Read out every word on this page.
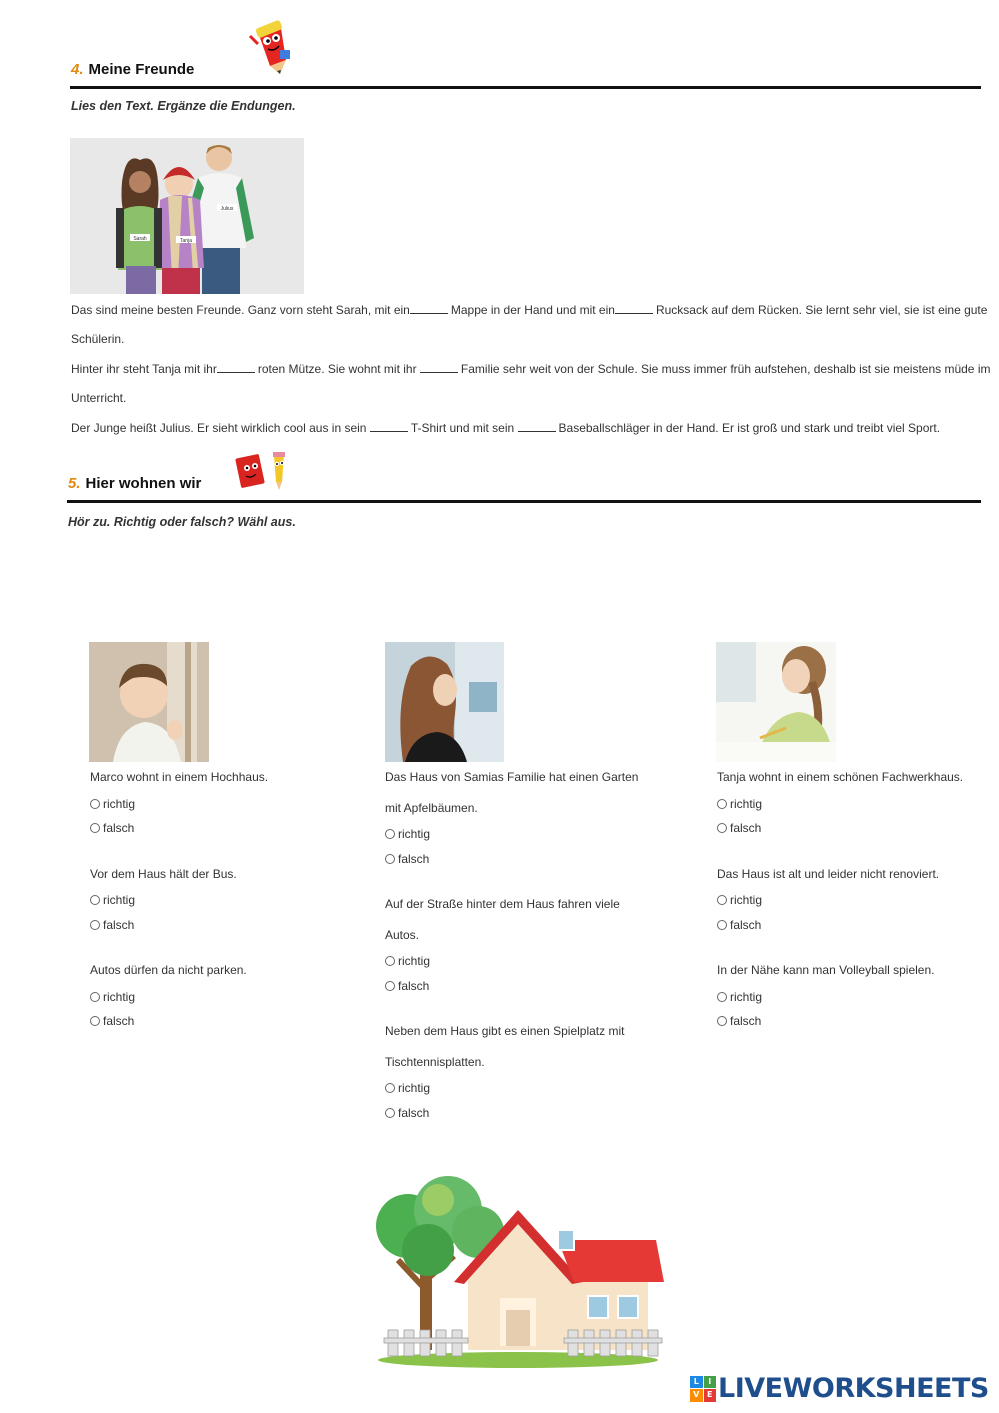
4. Meine Freunde
Lies den Text. Ergänze die Endungen.
Sarah	Tanja
Julius
Das sind meine besten Freunde. Ganz vorn steht Sarah, mit ein	Mappe in der Hand und mit ein	Rucksack auf dem Rücken. Sie lernt sehr viel, sie ist eine gute
Schülerin.
Hinter ihr steht Tanja mit ihr	roten Mütze. Sie wohnt mit ihr	Familie sehr weit von der Schule. Sie muss immer früh aufstehen, deshalb ist sie meistens müde im
Unterricht.
Der Junge heißt Julius. Er sieht wirklich cool aus in sein	T-Shirt und mit sein	Baseballschläger in der Hand. Er ist groß und stark und treibt viel Sport.
5. Hier wohnen wir
Hör zu. Richtig oder falsch? Wähl aus.
Marco wohnt in einem Hochhaus.
richtig
falsch
Vor dem Haus hält der Bus.
richtig
falsch
Autos dürfen da nicht parken.
richtig
falsch
Das Haus von Samias Familie hat einen Garten
mit Apfelbäumen.
richtig
falsch
Auf der Straße hinter dem Haus fahren viele
Autos.
richtig
falsch
Neben dem Haus gibt es einen Spielplatz mit
Tischtennisplatten.
richtig
falsch
Tanja wohnt in einem schönen Fachwerkhaus.
richtig
falsch
Das Haus ist alt und leider nicht renoviert.
richtig
falsch
In der Nähe kann man Volleyball spielen.
richtig
falsch
L	I
V E LIVEWORKSHEETS
